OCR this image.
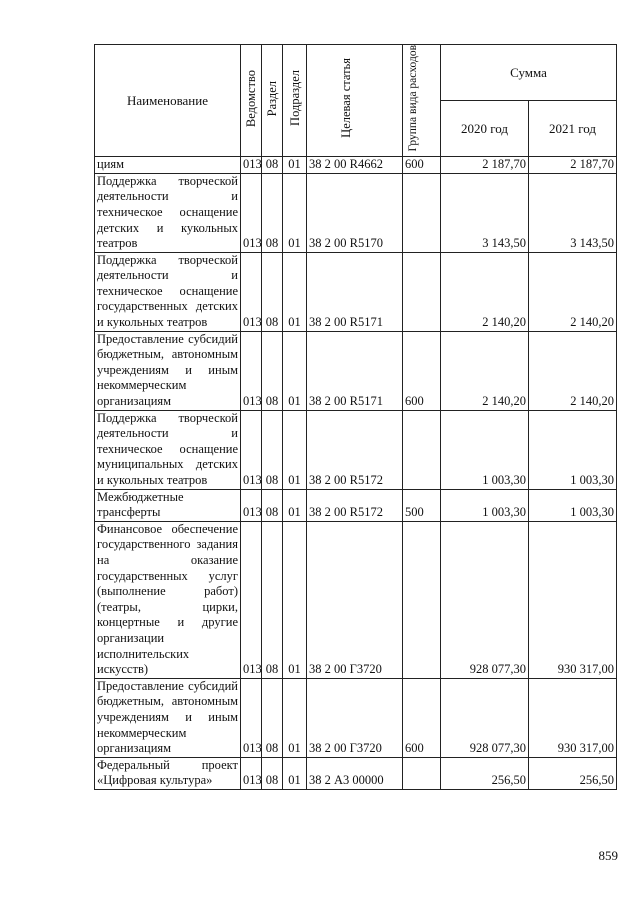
Наименование	Ведомство	Раздел	Подраздел	Целевая статья	Группа вида расходов	Сумма	
						2020 год	2021 год
циям	013	08	01	38 2 00 R4662	600	2 187,70	2 187,70
Поддержка творческой деятельности и техническое оснащение детских и кукольных театров	013	08	01	38 2 00 R5170		3 143,50	3 143,50
Поддержка творческой деятельности и техническое оснащение государственных детских и кукольных театров	013	08	01	38 2 00 R5171		2 140,20	2 140,20
Предоставление субсидий бюджетным, автономным учреждениям и иным некоммерческим организациям	013	08	01	38 2 00 R5171	600	2 140,20	2 140,20
Поддержка творческой деятельности и техническое оснащение муниципальных детских и кукольных театров	013	08	01	38 2 00 R5172		1 003,30	1 003,30
Межбюджетные трансферты	013	08	01	38 2 00 R5172	500	1 003,30	1 003,30
Финансовое обеспечение государственного задания на оказание государственных услуг (выполнение работ) (театры, цирки, концертные и другие организации исполнительских искусств)	013	08	01	38 2 00 Г3720		928 077,30	930 317,00
Предоставление субсидий бюджетным, автономным учреждениям и иным некоммерческим организациям	013	08	01	38 2 00 Г3720	600	928 077,30	930 317,00
Федеральный проект «Цифровая культура»	013	08	01	38 2 А3 00000		256,50	256,50
859
